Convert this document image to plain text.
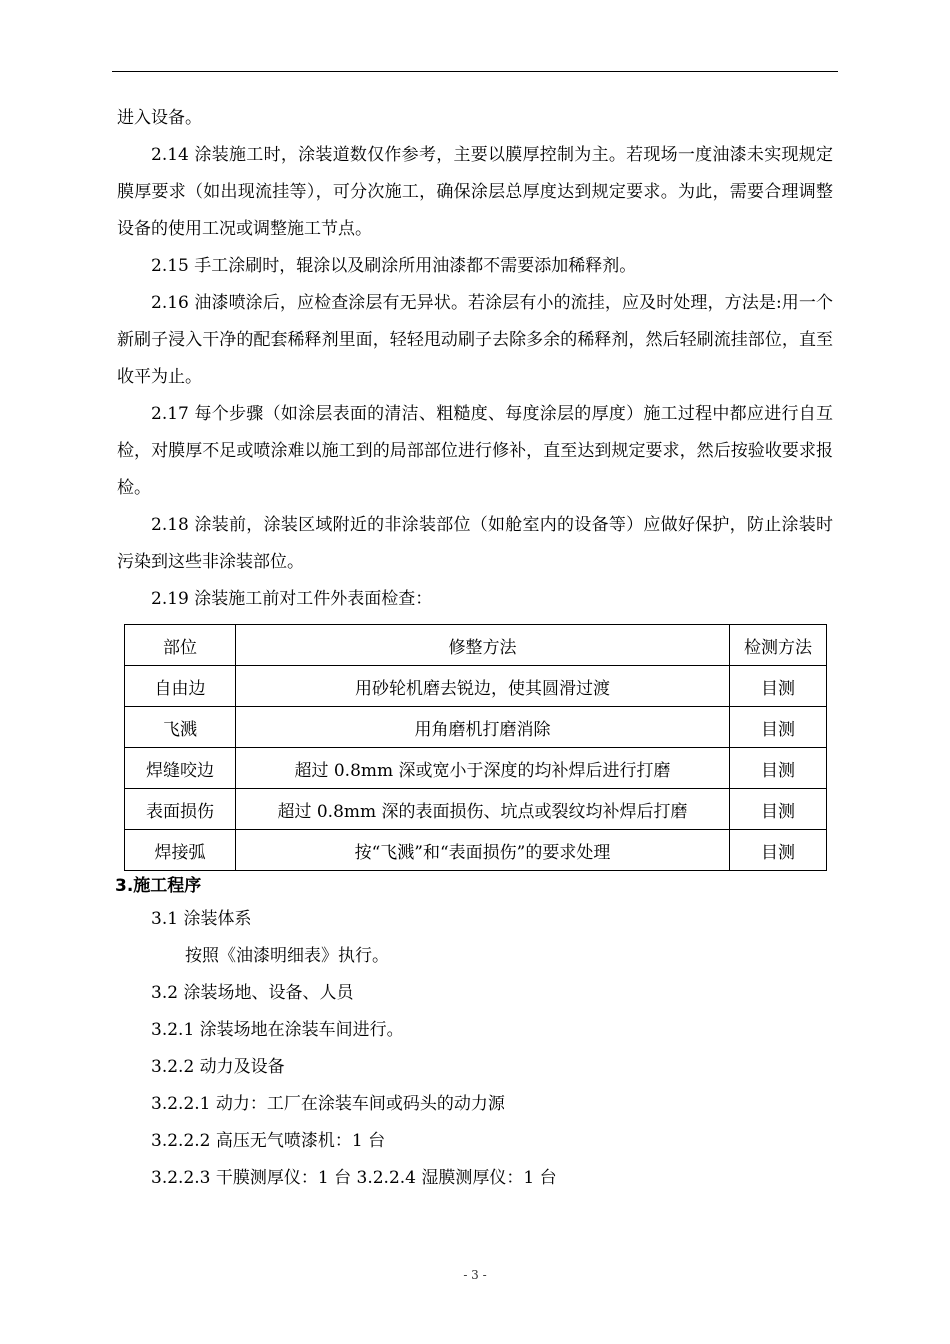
进入设备。

2.14 涂装施工时，涂装道数仅作参考，主要以膜厚控制为主。若现场一度油漆未实现规定膜厚要求（如出现流挂等），可分次施工，确保涂层总厚度达到规定要求。为此，需要合理调整设备的使用工况或调整施工节点。

2.15 手工涂刷时，辊涂以及刷涂所用油漆都不需要添加稀释剂。

2.16 油漆喷涂后，应检查涂层有无异状。若涂层有小的流挂，应及时处理，方法是:用一个新刷子浸入干净的配套稀释剂里面，轻轻甩动刷子去除多余的稀释剂，然后轻刷流挂部位，直至收平为止。

2.17 每个步骤（如涂层表面的清洁、粗糙度、每度涂层的厚度）施工过程中都应进行自互检，对膜厚不足或喷涂难以施工到的局部部位进行修补，直至达到规定要求，然后按验收要求报检。

2.18 涂装前，涂装区域附近的非涂装部位（如舱室内的设备等）应做好保护，防止涂装时污染到这些非涂装部位。

2.19 涂装施工前对工件外表面检查：

部位	修整方法	检测方法
自由边	用砂轮机磨去锐边，使其圆滑过渡	目测
飞溅	用角磨机打磨消除	目测
焊缝咬边	超过 0.8mm 深或宽小于深度的均补焊后进行打磨	目测
表面损伤	超过 0.8mm 深的表面损伤、坑点或裂纹均补焊后打磨	目测
焊接弧	按“飞溅”和“表面损伤”的要求处理	目测

3.施工程序

3.1 涂装体系

按照《油漆明细表》执行。

3.2 涂装场地、设备、人员

3.2.1 涂装场地在涂装车间进行。

3.2.2 动力及设备

3.2.2.1 动力：工厂在涂装车间或码头的动力源

3.2.2.2 高压无气喷漆机：1 台

3.2.2.3 干膜测厚仪：1 台 3.2.2.4 湿膜测厚仪：1 台

- 3 -
